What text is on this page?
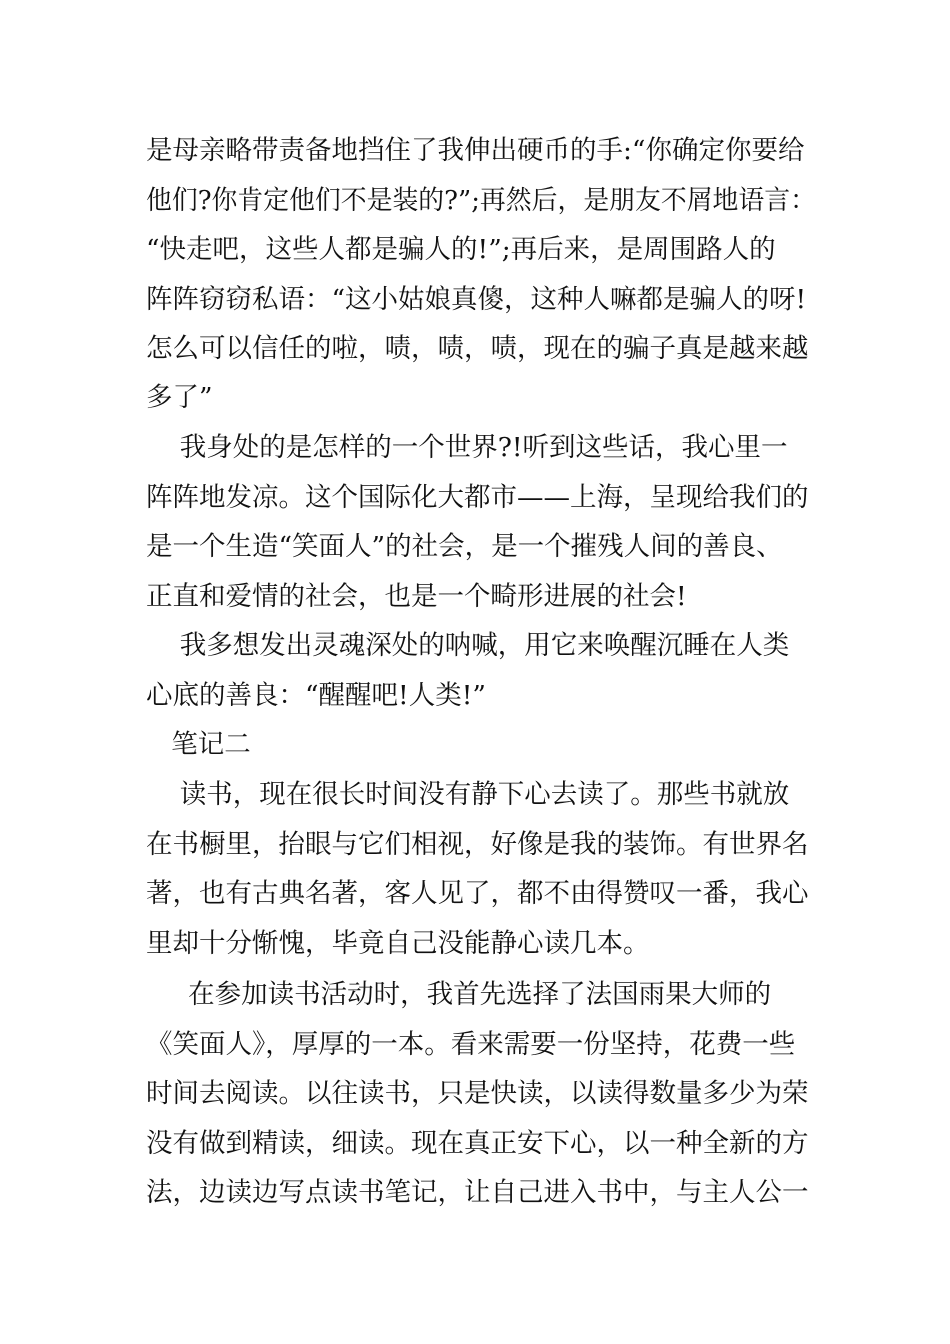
是母亲略带责备地挡住了我伸出硬币的手:“你确定你要给
他们?你肯定他们不是装的?”;再然后，是朋友不屑地语言：
“快走吧，这些人都是骗人的!”;再后来，是周围路人的
阵阵窃窃私语：“这小姑娘真傻，这种人嘛都是骗人的呀!
怎么可以信任的啦，啧，啧，啧，现在的骗子真是越来越
多了”
我身处的是怎样的一个世界?!听到这些话，我心里一
阵阵地发凉。这个国际化大都市——上海，呈现给我们的
是一个生造“笑面人”的社会，是一个摧残人间的善良、
正直和爱情的社会，也是一个畸形进展的社会!
我多想发出灵魂深处的呐喊，用它来唤醒沉睡在人类
心底的善良：“醒醒吧!人类!”
笔记二
读书，现在很长时间没有静下心去读了。那些书就放
在书橱里，抬眼与它们相视，好像是我的装饰。有世界名
著，也有古典名著，客人见了，都不由得赞叹一番，我心
里却十分惭愧，毕竟自己没能静心读几本。
在参加读书活动时，我首先选择了法国雨果大师的
《笑面人》，厚厚的一本。看来需要一份坚持，花费一些
时间去阅读。以往读书，只是快读，以读得数量多少为荣
没有做到精读，细读。现在真正安下心，以一种全新的方
法，边读边写点读书笔记，让自己进入书中，与主人公一
